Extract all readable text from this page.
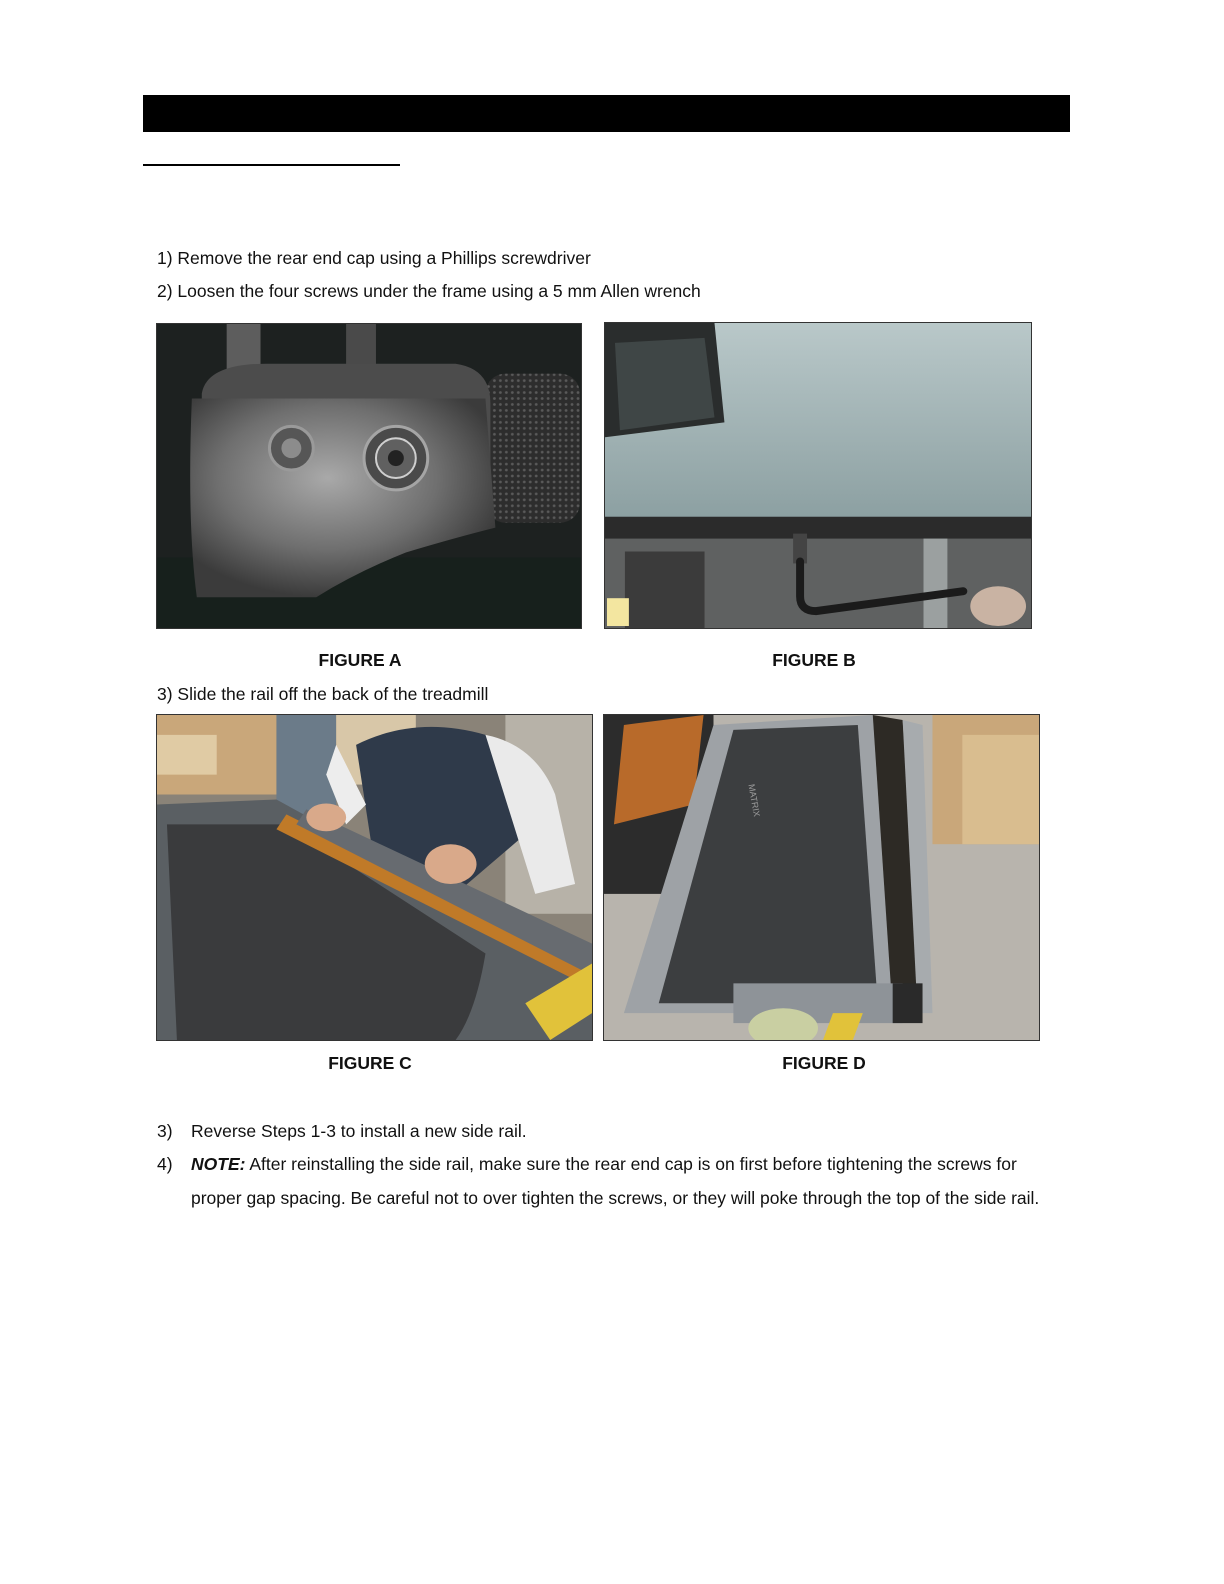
1) Remove the rear end cap using a Phillips screwdriver
2) Loosen the four screws under the frame using a 5 mm Allen wrench
FIGURE A	FIGURE B
3) Slide the rail off the back of the treadmill
MATRIX
FIGURE C	FIGURE D
3) Reverse Steps 1-3 to install a new side rail.
4) NOTE: After reinstalling the side rail, make sure the rear end cap is on first before tightening the screws for proper gap spacing. Be careful not to over tighten the screws, or they will poke through the top of the side rail.
